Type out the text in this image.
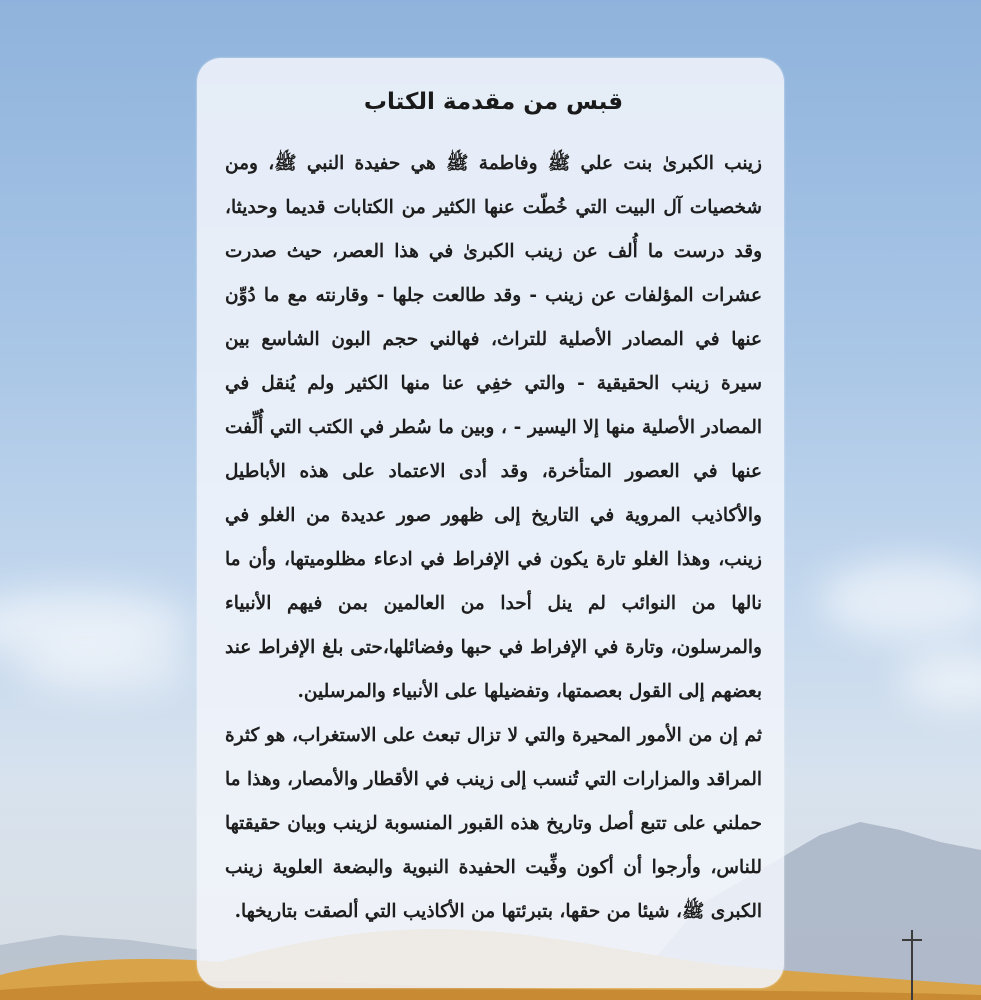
قبس من مقدمة الكتاب

زينب الكبرىٰ بنت علي ﷺ وفاطمة ﷺ هي حفيدة النبي ﷺ، ومن شخصيات آل البيت التي خُطّت عنها الكثير من الكتابات قديما وحديثا، وقد درست ما أُلف عن زينب الكبرىٰ في هذا العصر، حيث صدرت عشرات المؤلفات عن زينب - وقد طالعت جلها - وقارنته مع ما دُوِّن عنها في المصادر الأصلية للتراث، فهالني حجم البون الشاسع بين سيرة زينب الحقيقية - والتي خفِي عنا منها الكثير ولم يُنقل في المصادر الأصلية منها إلا اليسير - ، وبين ما سُطر في الكتب التي أُلِّفت عنها في العصور المتأخرة، وقد أدى الاعتماد على هذه الأباطيل والأكاذيب المروية في التاريخ إلى ظهور صور عديدة من الغلو في زينب، وهذا الغلو تارة يكون في الإفراط في ادعاء مظلوميتها، وأن ما نالها من النوائب لم ينل أحدا من العالمين بمن فيهم الأنبياء والمرسلون، وتارة في الإفراط في حبها وفضائلها،حتى بلغ الإفراط عند بعضهم إلى القول بعصمتها، وتفضيلها على الأنبياء والمرسلين.

ثم إن من الأمور المحيرة والتي لا تزال تبعث على الاستغراب، هو كثرة المراقد والمزارات التي تُنسب إلى زينب في الأقطار والأمصار، وهذا ما حملني على تتبع أصل وتاريخ هذه القبور المنسوبة لزينب وبيان حقيقتها للناس، وأرجوا أن أكون وفِّيت الحفيدة النبوية والبضعة العلوية زينب الكبرى ﷺ، شيئا من حقها، بتبرئتها من الأكاذيب التي ألصقت بتاريخها.
